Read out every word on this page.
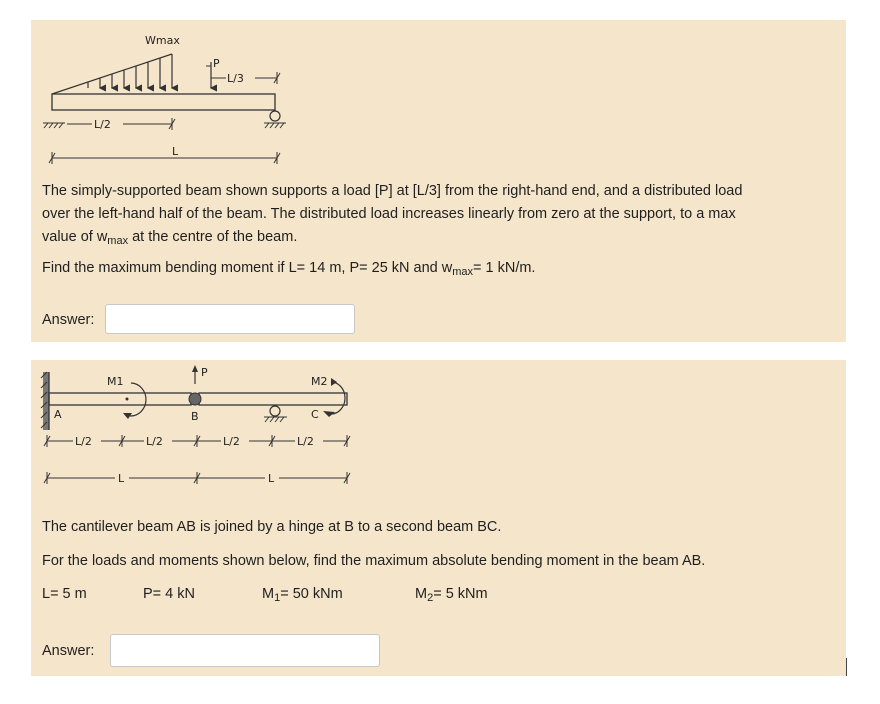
Wmax
P
L/3
L/2
L
The simply-supported beam shown supports a load [P] at [L/3] from the right-hand end, and a distributed load
over the left-hand half of the beam. The distributed load increases linearly from zero at the support, to a max
value of $w_{max}$ at the centre of the beam.
Find the maximum bending moment if L= 14 m, P= 25 kN and $w_{max}= 1$ kN/m.
Answer:
M1
P
M2
A	B	C
L/2	L/2	L/2	L/2
L	L
The cantilever beam AB is joined by a hinge at B to a second beam BC.
For the loads and moments shown below, find the maximum absolute bending moment in the beam AB.
L= 5 m	P= 4 kN	$M_1= 50$ kNm	$M_2= 5$ kNm
Answer:
